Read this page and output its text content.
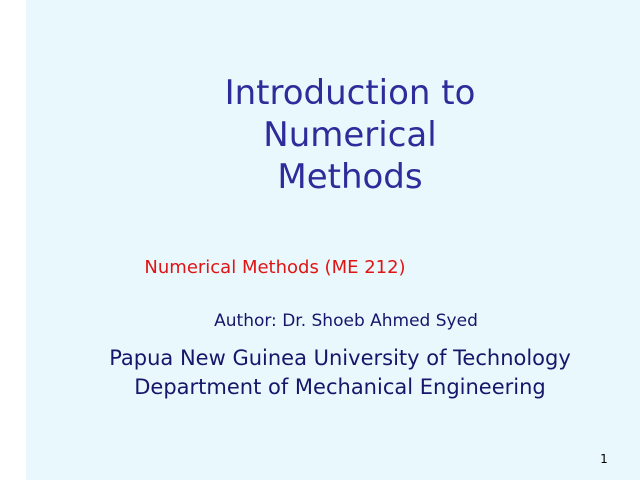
Introduction to
Numerical
Methods

Numerical Methods (ME 212)

Author: Dr. Shoeb Ahmed Syed

Papua New Guinea University of Technology
Department of Mechanical Engineering

1
